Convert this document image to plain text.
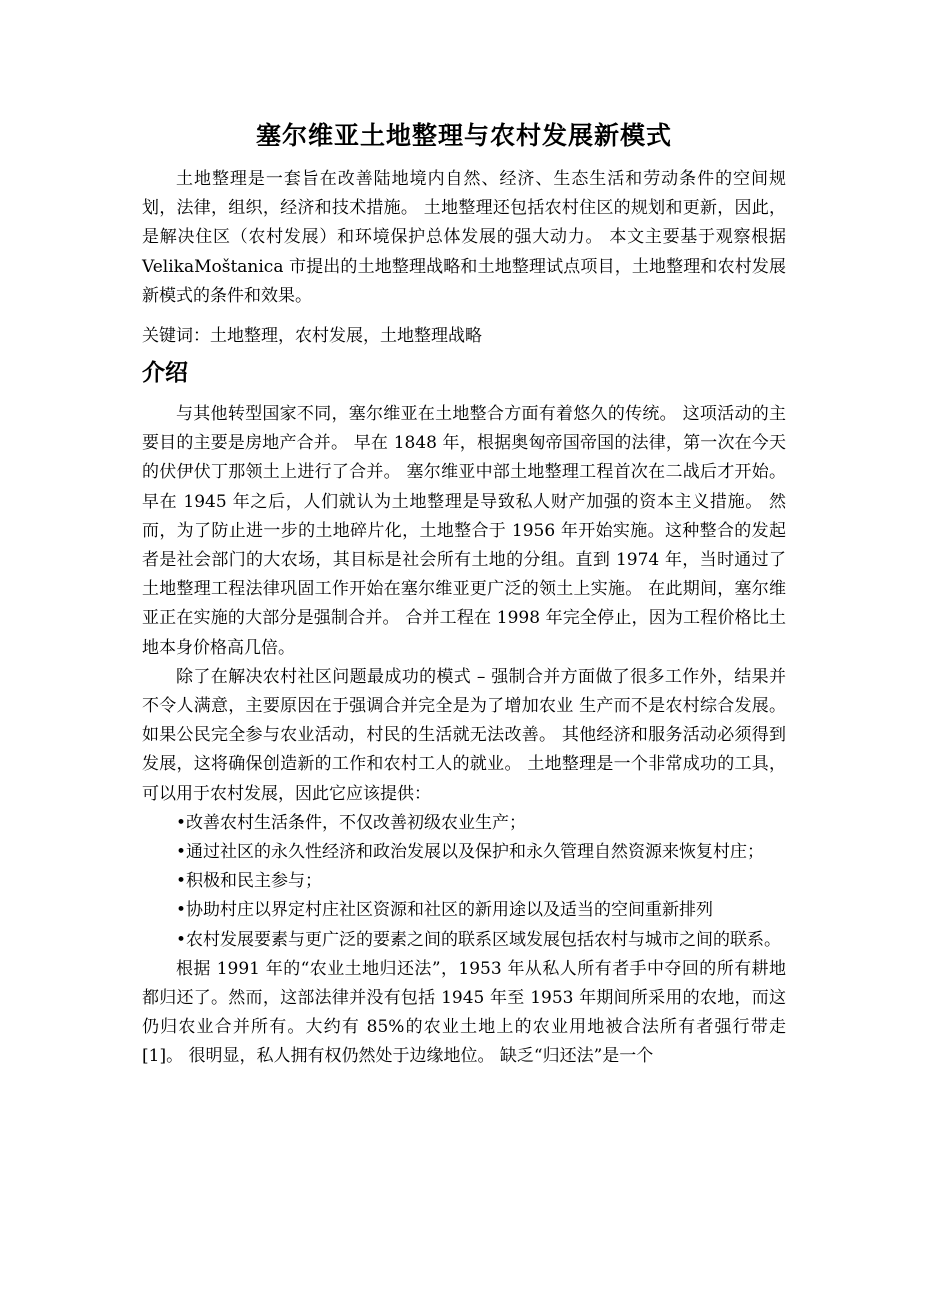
塞尔维亚土地整理与农村发展新模式

土地整理是一套旨在改善陆地境内自然、经济、生态生活和劳动条件的空间规划，法律，组织，经济和技术措施。 土地整理还包括农村住区的规划和更新，因此，是解决住区（农村发展）和环境保护总体发展的强大动力。 本文主要基于观察根据 VelikaMoštanica 市提出的土地整理战略和土地整理试点项目，土地整理和农村发展新模式的条件和效果。

关键词：土地整理，农村发展，土地整理战略
介绍

与其他转型国家不同，塞尔维亚在土地整合方面有着悠久的传统。 这项活动的主要目的主要是房地产合并。 早在 1848 年，根据奥匈帝国帝国的法律，第一次在今天的伏伊伏丁那领土上进行了合并。 塞尔维亚中部土地整理工程首次在二战后才开始。 早在 1945 年之后，人们就认为土地整理是导致私人财产加强的资本主义措施。 然而，为了防止进一步的土地碎片化，土地整合于 1956 年开始实施。这种整合的发起者是社会部门的大农场，其目标是社会所有土地的分组。直到 1974 年，当时通过了土地整理工程法律巩固工作开始在塞尔维亚更广泛的领土上实施。 在此期间，塞尔维亚正在实施的大部分是强制合并。 合并工程在 1998 年完全停止，因为工程价格比土地本身价格高几倍。

除了在解决农村社区问题最成功的模式 – 强制合并方面做了很多工作外，结果并不令人满意，主要原因在于强调合并完全是为了增加农业 生产而不是农村综合发展。 如果公民完全参与农业活动，村民的生活就无法改善。 其他经济和服务活动必须得到发展，这将确保创造新的工作和农村工人的就业。 土地整理是一个非常成功的工具，可以用于农村发展，因此它应该提供：

•改善农村生活条件，不仅改善初级农业生产；

•通过社区的永久性经济和政治发展以及保护和永久管理自然资源来恢复村庄；

•积极和民主参与；

•协助村庄以界定村庄社区资源和社区的新用途以及适当的空间重新排列

•农村发展要素与更广泛的要素之间的联系区域发展包括农村与城市之间的联系。

根据 1991 年的“农业土地归还法”，1953 年从私人所有者手中夺回的所有耕地都归还了。然而，这部法律并没有包括 1945 年至 1953 年期间所采用的农地，而这仍归农业合并所有。大约有 85%的农业土地上的农业用地被合法所有者强行带走[1]。 很明显，私人拥有权仍然处于边缘地位。 缺乏“归还法”是一个
